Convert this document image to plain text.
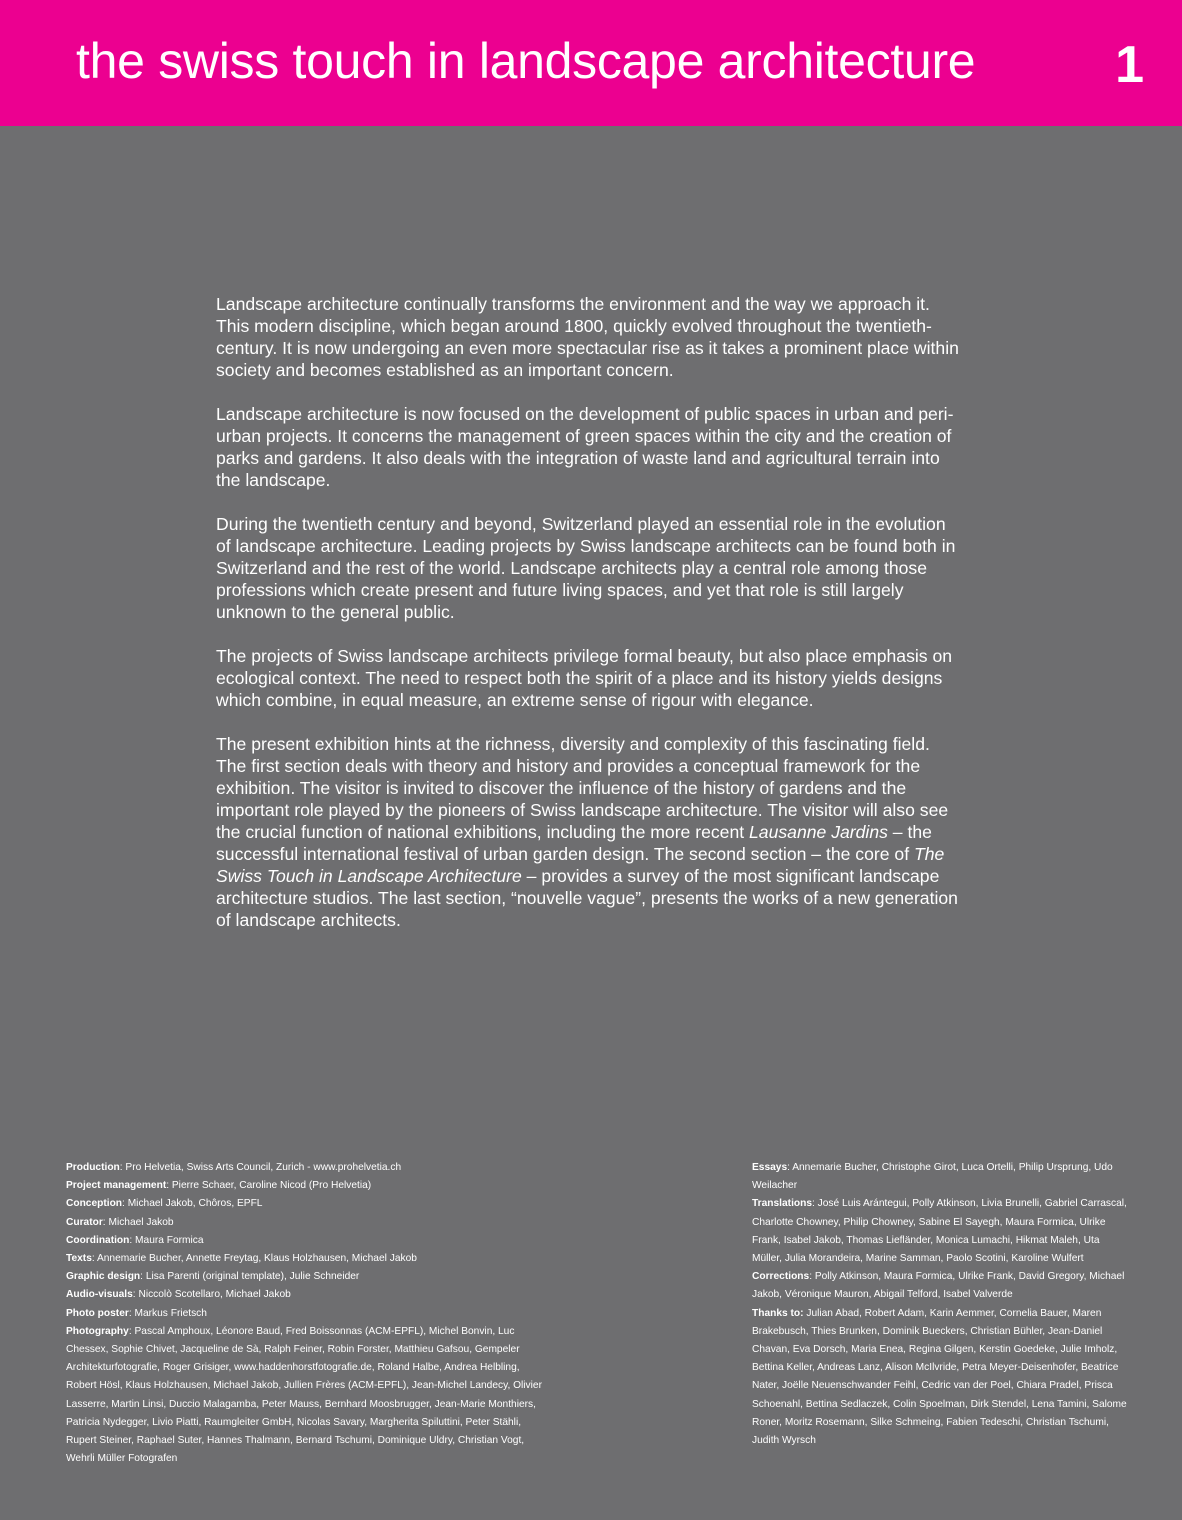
the swiss touch in landscape architecture	1

Landscape architecture continually transforms the environment and the way we approach it. This modern discipline, which began around 1800, quickly evolved throughout the twentieth-century. It is now undergoing an even more spectacular rise as it takes a prominent place within society and becomes established as an important concern.

Landscape architecture is now focused on the development of public spaces in urban and peri-urban projects. It concerns the management of green spaces within the city and the creation of parks and gardens. It also deals with the integration of waste land and agricultural terrain into the landscape.

During the twentieth century and beyond, Switzerland played an essential role in the evolution of landscape architecture. Leading projects by Swiss landscape architects can be found both in Switzerland and the rest of the world. Landscape architects play a central role among those professions which create present and future living spaces, and yet that role is still largely unknown to the general public.

The projects of Swiss landscape architects privilege formal beauty, but also place emphasis on ecological context. The need to respect both the spirit of a place and its history yields designs which combine, in equal measure, an extreme sense of rigour with elegance.

The present exhibition hints at the richness, diversity and complexity of this fascinating field. The first section deals with theory and history and provides a conceptual framework for the exhibition. The visitor is invited to discover the influence of the history of gardens and the important role played by the pioneers of Swiss landscape architecture. The visitor will also see the crucial function of national exhibitions, including the more recent Lausanne Jardins – the successful international festival of urban garden design. The second section – the core of The Swiss Touch in Landscape Architecture – provides a survey of the most significant landscape architecture studios. The last section, “nouvelle vague”, presents the works of a new generation of landscape architects.

Production: Pro Helvetia, Swiss Arts Council, Zurich - www.prohelvetia.ch
Project management: Pierre Schaer, Caroline Nicod (Pro Helvetia)
Conception: Michael Jakob, Chôros, EPFL
Curator: Michael Jakob
Coordination: Maura Formica
Texts: Annemarie Bucher, Annette Freytag, Klaus Holzhausen, Michael Jakob
Graphic design: Lisa Parenti (original template), Julie Schneider
Audio-visuals: Niccolò Scotellaro, Michael Jakob
Photo poster: Markus Frietsch
Photography: Pascal Amphoux, Léonore Baud, Fred Boissonnas (ACM-EPFL), Michel Bonvin, Luc Chessex, Sophie Chivet, Jacqueline de Sà, Ralph Feiner, Robin Forster, Matthieu Gafsou, Gempeler Architekturfotografie, Roger Grisiger, www.haddenhorstfotografie.de, Roland Halbe, Andrea Helbling, Robert Hösl, Klaus Holzhausen, Michael Jakob, Jullien Frères (ACM-EPFL), Jean-Michel Landecy, Olivier Lasserre, Martin Linsi, Duccio Malagamba, Peter Mauss, Bernhard Moosbrugger, Jean-Marie Monthiers, Patricia Nydegger, Livio Piatti, Raumgleiter GmbH, Nicolas Savary, Margherita Spiluttini, Peter Stähli, Rupert Steiner, Raphael Suter, Hannes Thalmann, Bernard Tschumi, Dominique Uldry, Christian Vogt, Wehrli Müller Fotografen
Essays: Annemarie Bucher, Christophe Girot, Luca Ortelli, Philip Ursprung, Udo Weilacher
Translations: José Luis Arántegui, Polly Atkinson, Livia Brunelli, Gabriel Carrascal, Charlotte Chowney, Philip Chowney, Sabine El Sayegh, Maura Formica, Ulrike Frank, Isabel Jakob, Thomas Liefländer, Monica Lumachi, Hikmat Maleh, Uta Müller, Julia Morandeira, Marine Samman, Paolo Scotini, Karoline Wulfert
Corrections: Polly Atkinson, Maura Formica, Ulrike Frank, David Gregory, Michael Jakob, Véronique Mauron, Abigail Telford, Isabel Valverde
Thanks to: Julian Abad, Robert Adam, Karin Aemmer, Cornelia Bauer, Maren Brakebusch, Thies Brunken, Dominik Bueckers, Christian Bühler, Jean-Daniel Chavan, Eva Dorsch, Maria Enea, Regina Gilgen, Kerstin Goedeke, Julie Imholz, Bettina Keller, Andreas Lanz, Alison McIlvride, Petra Meyer-Deisenhofer, Beatrice Nater, Joëlle Neuenschwander Feihl, Cedric van der Poel, Chiara Pradel, Prisca Schoenahl, Bettina Sedlaczek, Colin Spoelman, Dirk Stendel, Lena Tamini, Salome Roner, Moritz Rosemann, Silke Schmeing, Fabien Tedeschi, Christian Tschumi, Judith Wyrsch
